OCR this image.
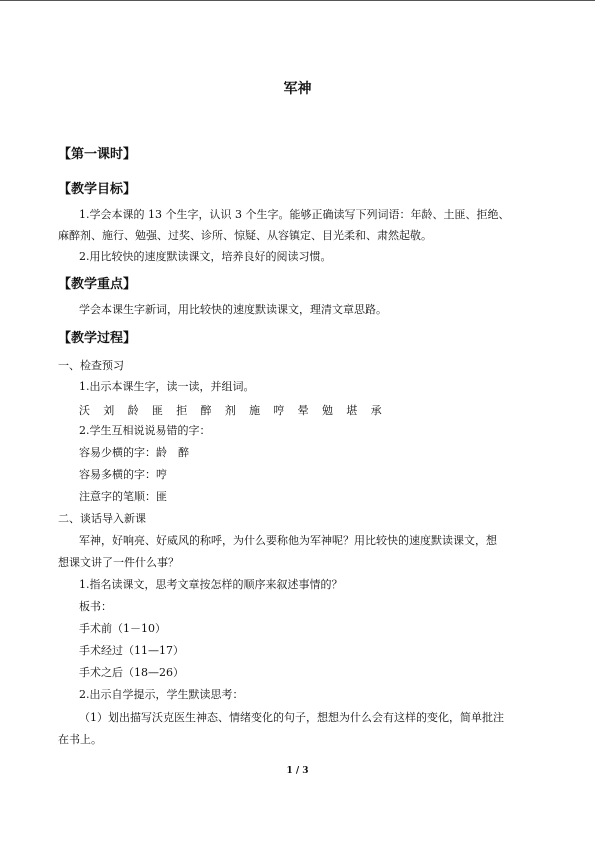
军神
【第一课时】
【教学目标】
1.学会本课的 13 个生字，认识 3 个生字。能够正确读写下列词语：年龄、土匪、拒绝、
麻醉剂、施行、勉强、过奖、诊所、惊疑、从容镇定、目光柔和、肃然起敬。
2.用比较快的速度默读课文，培养良好的阅读习惯。
【教学重点】
学会本课生字新词，用比较快的速度默读课文，理清文章思路。
【教学过程】
一、检查预习
1.出示本课生字，读一读，并组词。
沃 刘 龄 匪 拒 醉 剂 施 哼 晕 勉 堪 承
2.学生互相说说易错的字：
容易少横的字：龄　醉
容易多横的字：哼
注意字的笔顺：匪
二、谈话导入新课
军神，好响亮、好威风的称呼，为什么要称他为军神呢？用比较快的速度默读课文，想
想课文讲了一件什么事？
1.指名读课文，思考文章按怎样的顺序来叙述事情的？
板书：
手术前（1－10）
手术经过（11—17）
手术之后（18—26）
2.出示自学提示，学生默读思考：
（1）划出描写沃克医生神态、情绪变化的句子，想想为什么会有这样的变化，简单批注
在书上。
1 / 3
